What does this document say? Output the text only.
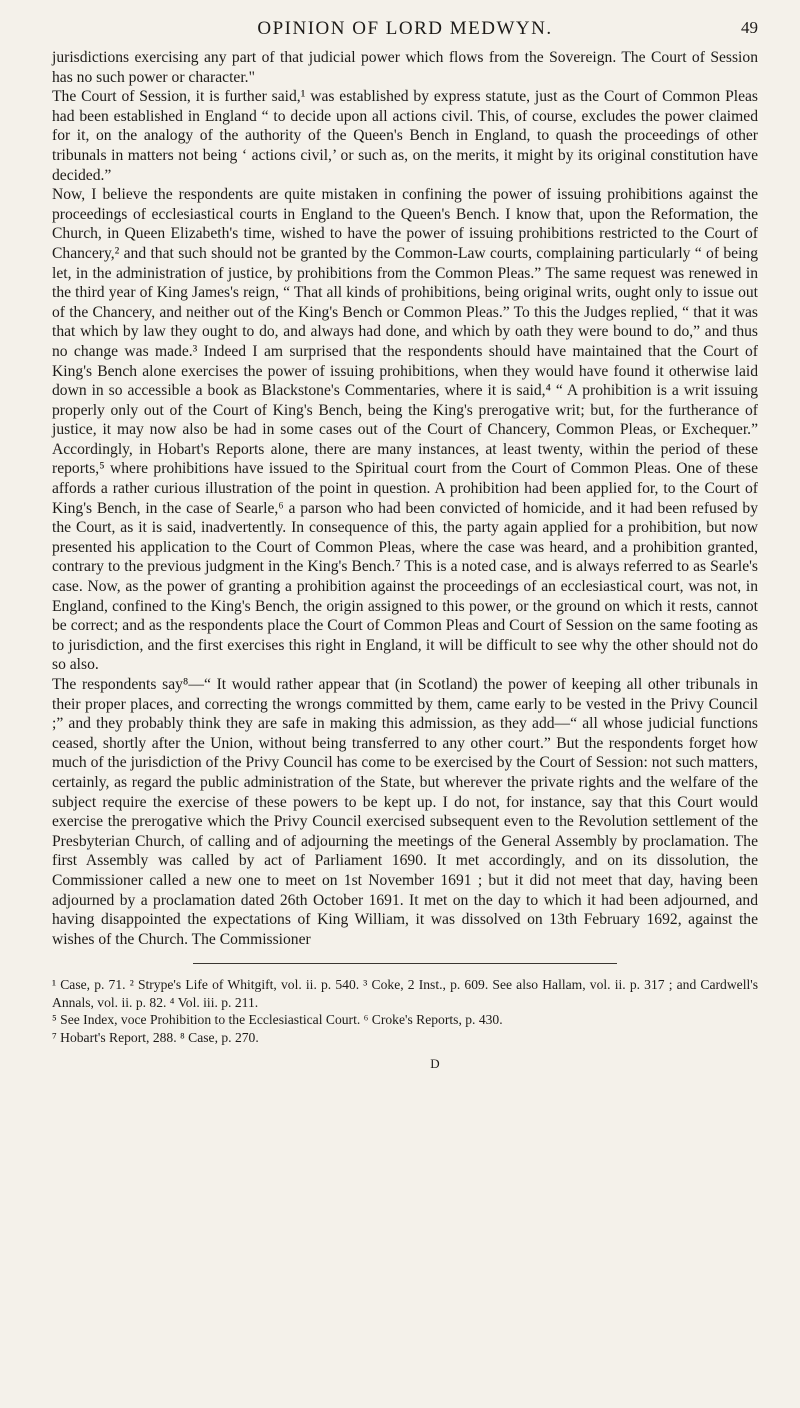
OPINION OF LORD MEDWYN.	49

jurisdictions exercising any part of that judicial power which flows from the Sovereign. The Court of Session has no such power or character."

The Court of Session, it is further said,¹ was established by express statute, just as the Court of Common Pleas had been established in England “ to decide upon all actions civil. This, of course, excludes the power claimed for it, on the analogy of the authority of the Queen's Bench in England, to quash the proceedings of other tribunals in matters not being ‘ actions civil,’ or such as, on the merits, it might by its original constitution have decided.”

Now, I believe the respondents are quite mistaken in confining the power of issuing prohibitions against the proceedings of ecclesiastical courts in England to the Queen's Bench. I know that, upon the Reformation, the Church, in Queen Elizabeth's time, wished to have the power of issuing prohibitions restricted to the Court of Chancery,² and that such should not be granted by the Common-Law courts, complaining particularly “ of being let, in the administration of justice, by prohibitions from the Common Pleas.” The same request was renewed in the third year of King James's reign, “ That all kinds of prohibitions, being original writs, ought only to issue out of the Chancery, and neither out of the King's Bench or Common Pleas.” To this the Judges replied, “ that it was that which by law they ought to do, and always had done, and which by oath they were bound to do,” and thus no change was made.³ Indeed I am surprised that the respondents should have maintained that the Court of King's Bench alone exercises the power of issuing prohibitions, when they would have found it otherwise laid down in so accessible a book as Blackstone's Commentaries, where it is said,⁴ “ A prohibition is a writ issuing properly only out of the Court of King's Bench, being the King's prerogative writ; but, for the furtherance of justice, it may now also be had in some cases out of the Court of Chancery, Common Pleas, or Exchequer.” Accordingly, in Hobart's Reports alone, there are many instances, at least twenty, within the period of these reports,⁵ where prohibitions have issued to the Spiritual court from the Court of Common Pleas. One of these affords a rather curious illustration of the point in question. A prohibition had been applied for, to the Court of King's Bench, in the case of Searle,⁶ a parson who had been convicted of homicide, and it had been refused by the Court, as it is said, inadvertently. In consequence of this, the party again applied for a prohibition, but now presented his application to the Court of Common Pleas, where the case was heard, and a prohibition granted, contrary to the previous judgment in the King's Bench.⁷ This is a noted case, and is always referred to as Searle's case. Now, as the power of granting a prohibition against the proceedings of an ecclesiastical court, was not, in England, confined to the King's Bench, the origin assigned to this power, or the ground on which it rests, cannot be correct; and as the respondents place the Court of Common Pleas and Court of Session on the same footing as to jurisdiction, and the first exercises this right in England, it will be difficult to see why the other should not do so also.

The respondents say⁸—“ It would rather appear that (in Scotland) the power of keeping all other tribunals in their proper places, and correcting the wrongs committed by them, came early to be vested in the Privy Council ;” and they probably think they are safe in making this admission, as they add—“ all whose judicial functions ceased, shortly after the Union, without being transferred to any other court.” But the respondents forget how much of the jurisdiction of the Privy Council has come to be exercised by the Court of Session: not such matters, certainly, as regard the public administration of the State, but wherever the private rights and the welfare of the subject require the exercise of these powers to be kept up. I do not, for instance, say that this Court would exercise the prerogative which the Privy Council exercised subsequent even to the Revolution settlement of the Presbyterian Church, of calling and of adjourning the meetings of the General Assembly by proclamation. The first Assembly was called by act of Parliament 1690. It met accordingly, and on its dissolution, the Commissioner called a new one to meet on 1st November 1691 ; but it did not meet that day, having been adjourned by a proclamation dated 26th October 1691. It met on the day to which it had been adjourned, and having disappointed the expectations of King William, it was dissolved on 13th February 1692, against the wishes of the Church. The Commissioner

¹ Case, p. 71. ² Strype's Life of Whitgift, vol. ii. p. 540. ³ Coke, 2 Inst., p. 609. See also Hallam, vol. ii. p. 317 ; and Cardwell's Annals, vol. ii. p. 82. ⁴ Vol. iii. p. 211.

⁵ See Index, voce Prohibition to the Ecclesiastical Court. ⁶ Croke's Reports, p. 430.

⁷ Hobart's Report, 288. ⁸ Case, p. 270.

D
